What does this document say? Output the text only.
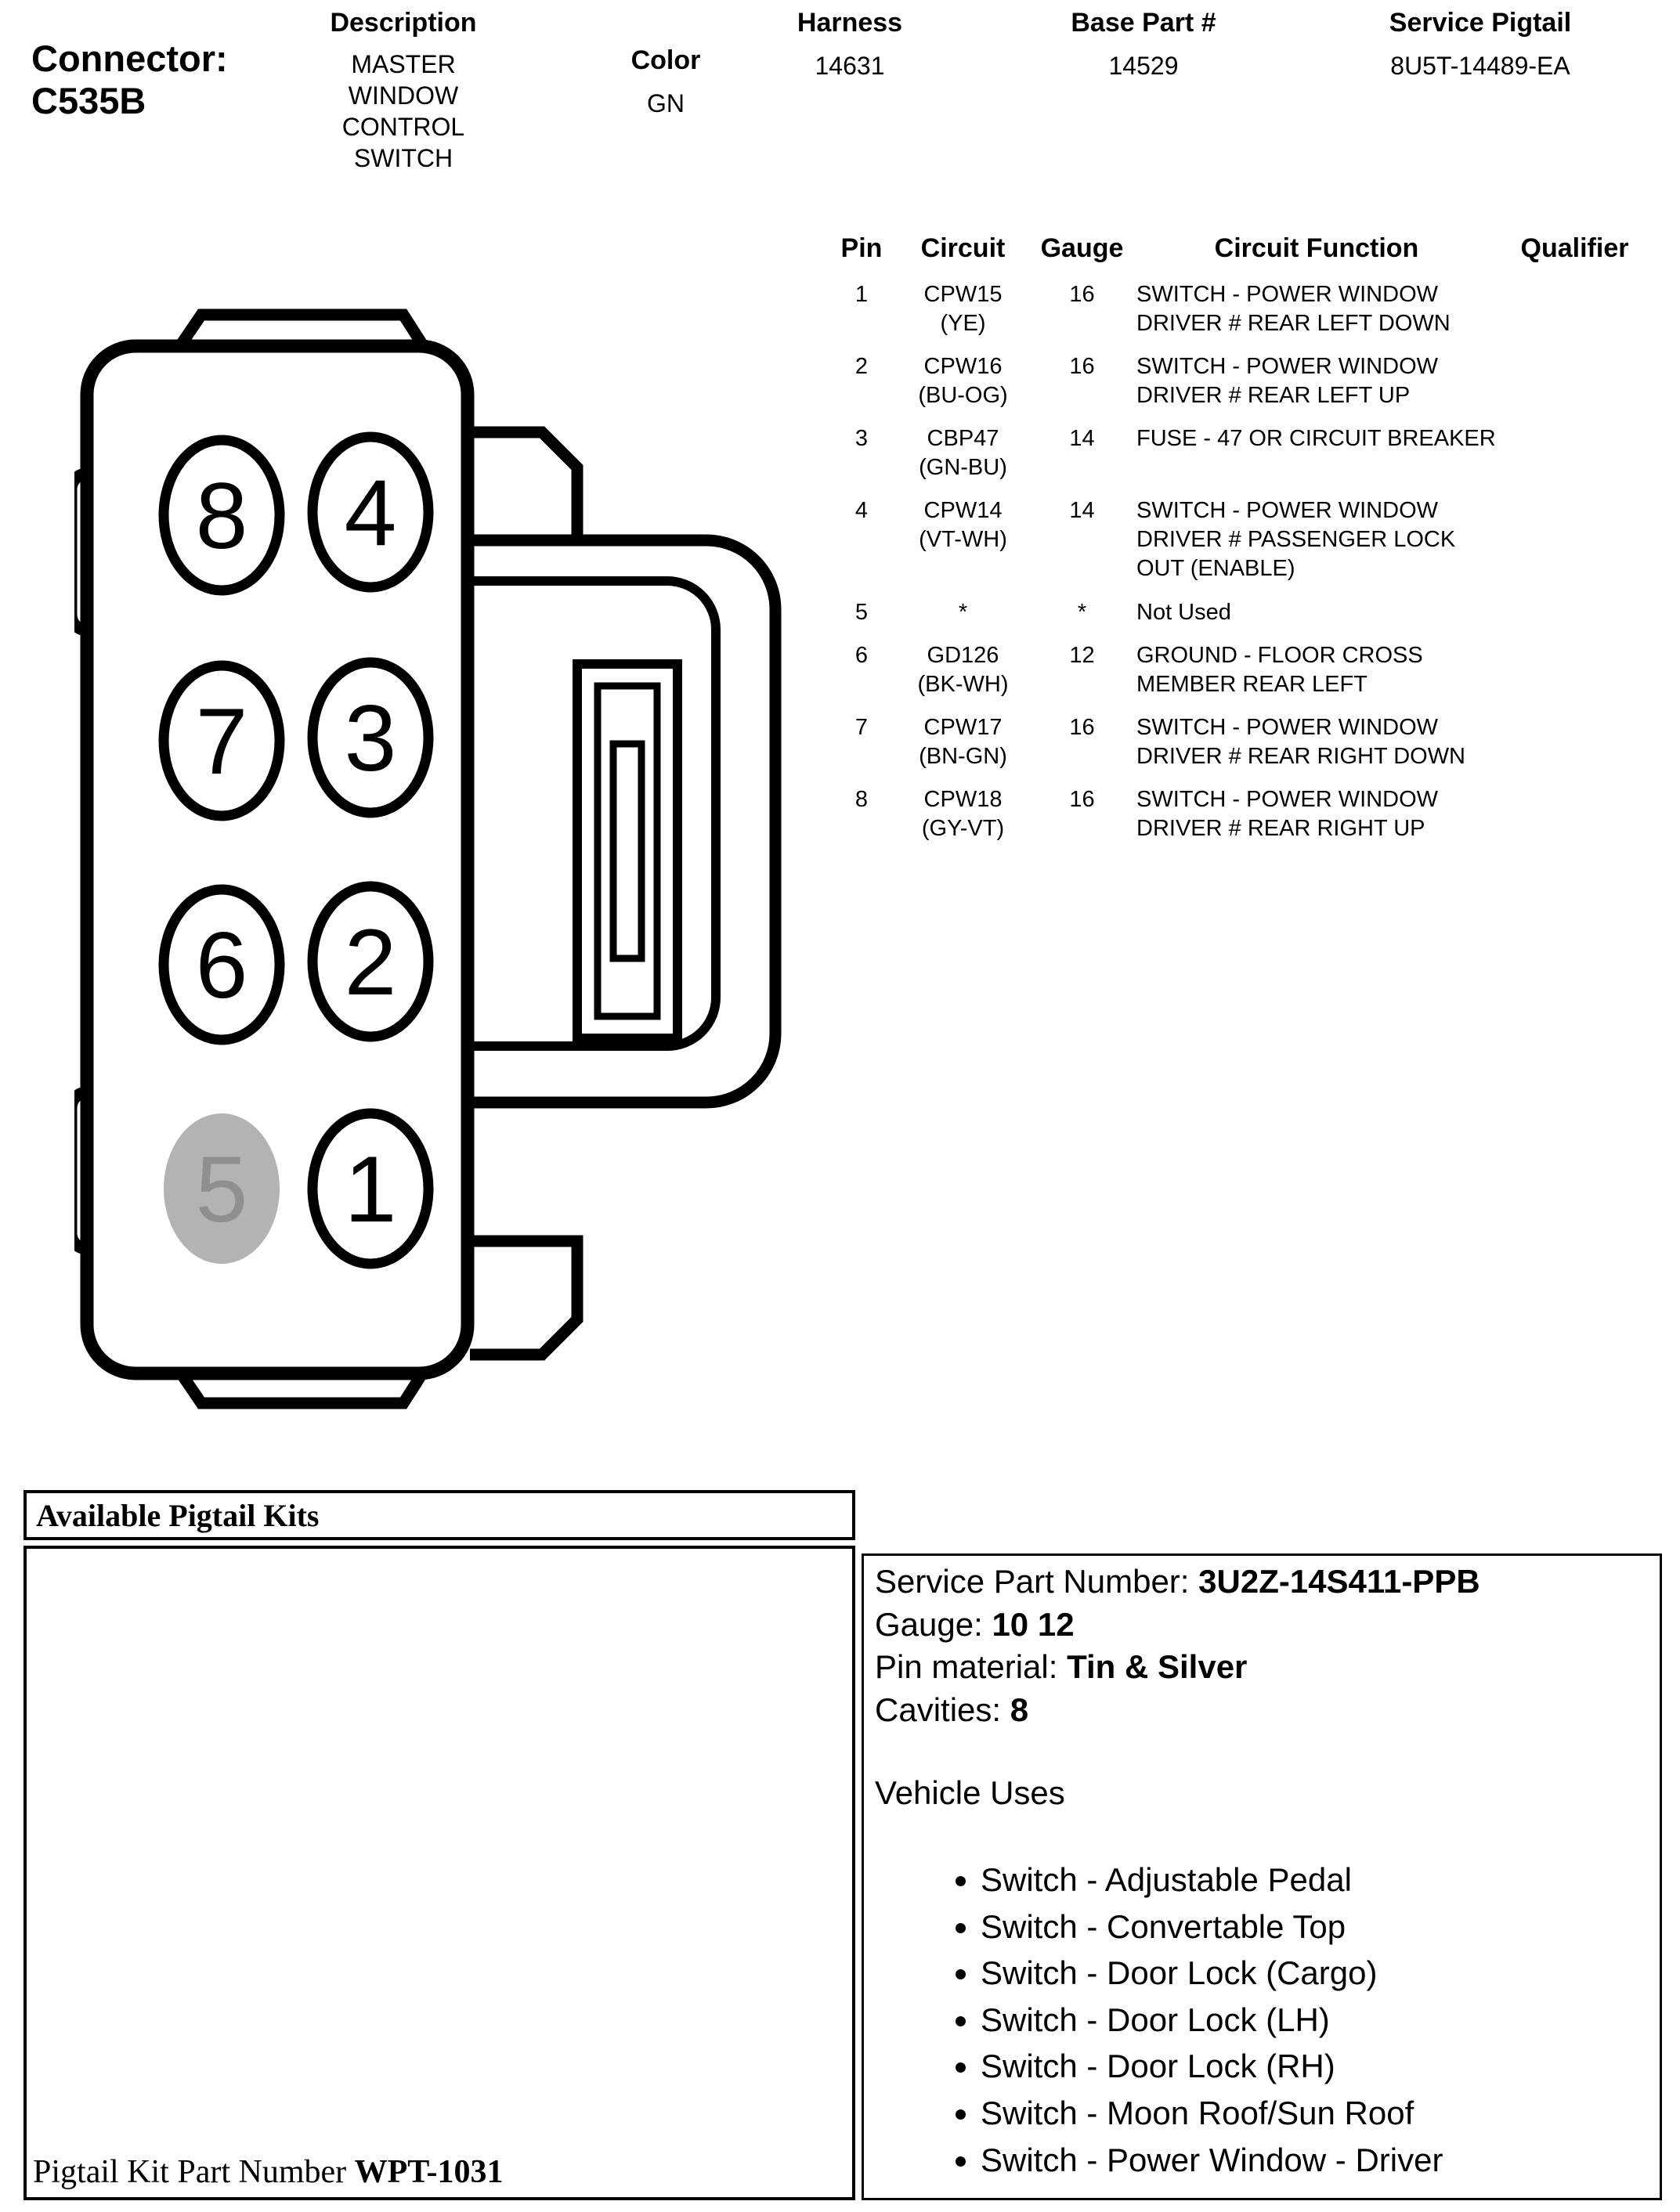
Connector:
C535B
Description
MASTER WINDOW CONTROL SWITCH
Color
GN
Harness
14631
Base Part #
14529
Service Pigtail
8U5T-14489-EA
8 4
7 3
6 2
5 1
Pin	Circuit	Gauge	Circuit Function	Qualifier
1	CPW15
(YE)
16	SWITCH - POWER WINDOW DRIVER # REAR LEFT DOWN
2	CPW16
(BU-OG)
16	SWITCH - POWER WINDOW DRIVER # REAR LEFT UP
3	CBP47
(GN-BU)
14	FUSE - 47 OR CIRCUIT BREAKER
4	CPW14
(VT-WH)
14	SWITCH - POWER WINDOW DRIVER # PASSENGER LOCK OUT (ENABLE)
5	*	*	Not Used
6	GD126
(BK-WH)
12	GROUND - FLOOR CROSS MEMBER REAR LEFT
7	CPW17
(BN-GN)
16	SWITCH - POWER WINDOW DRIVER # REAR RIGHT DOWN
8	CPW18
(GY-VT)
16	SWITCH - POWER WINDOW DRIVER # REAR RIGHT UP
Available Pigtail Kits
Pigtail Kit Part Number WPT-1031
Service Part Number: 3U2Z-14S411-PPB
Gauge: 10 12
Pin material: Tin & Silver
Cavities: 8
Vehicle Uses
• Switch - Adjustable Pedal
• Switch - Convertable Top
• Switch - Door Lock (Cargo)
• Switch - Door Lock (LH)
• Switch - Door Lock (RH)
• Switch - Moon Roof/Sun Roof
• Switch - Power Window - Driver
